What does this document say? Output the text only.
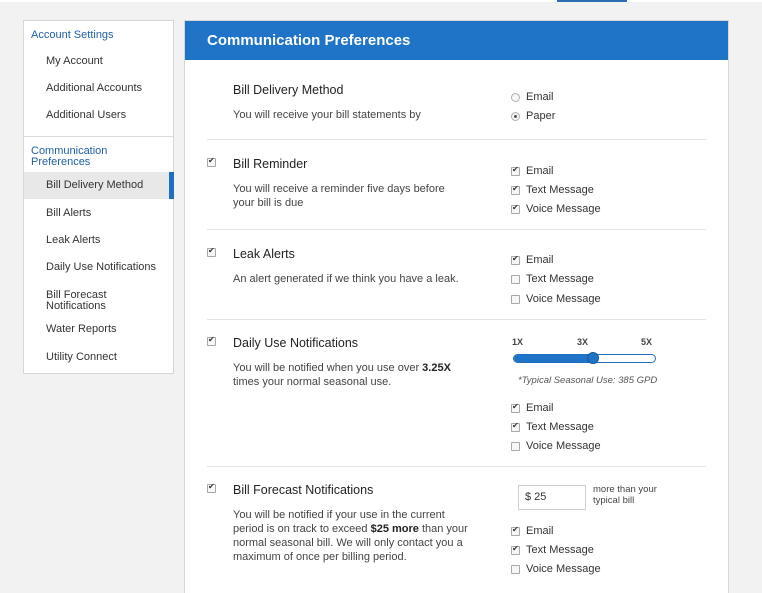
Account Settings
My Account
Additional Accounts
Additional Users
Communication
Preferences
Bill Delivery Method
Bill Alerts
Leak Alerts
Daily Use Notifications
Bill Forecast
Notifications
Water Reports
Utility Connect
Communication Preferences
Bill Delivery Method
You will receive your bill statements by
Email
Paper
✔
Bill Reminder
You will receive a reminder five days before
your bill is due
✔
Email
✔
Text Message
✔
Voice Message
✔
Leak Alerts
An alert generated if we think you have a leak.
✔
Email
Text Message
Voice Message
✔
Daily Use Notifications
You will be notified when you use over 3.25X
times your normal seasonal use.
1X	3X	5X
*Typical Seasonal Use: 385 GPD
✔
Email
✔
Text Message
Voice Message
✔
Bill Forecast Notifications
You will be notified if your use in the current
period is on track to exceed $25 more than your
normal seasonal bill. We will only contact you a
maximum of once per billing period.
$ 25
more than your
typical bill
✔
Email
✔
Text Message
Voice Message
